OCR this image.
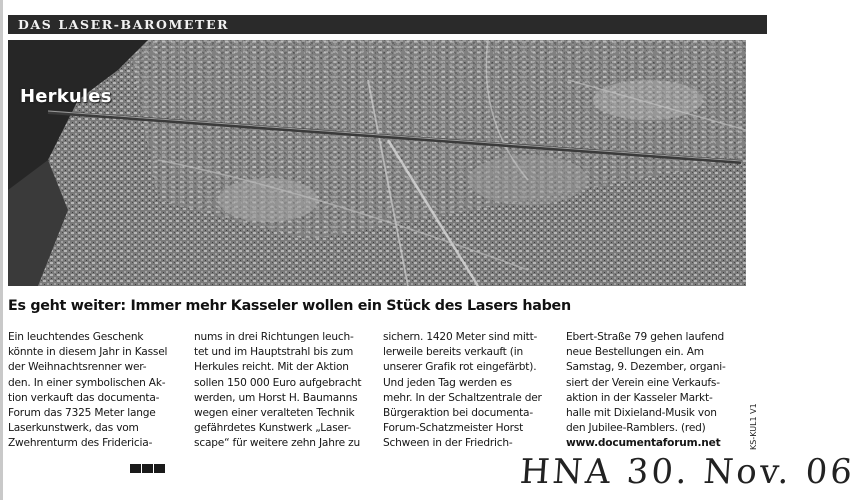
DAS LASER-BAROMETER
Herkules
Es geht weiter: Immer mehr Kasseler wollen ein Stück des Lasers haben
Ein leuchtendes Geschenk
könnte in diesem Jahr in Kassel
der Weihnachtsrenner wer-
den. In einer symbolischen Ak-
tion verkauft das documenta-
Forum das 7325 Meter lange
Laserkunstwerk, das vom
Zwehrenturm des Fridericia-
nums in drei Richtungen leuch-
tet und im Hauptstrahl bis zum
Herkules reicht. Mit der Aktion
sollen 150 000 Euro aufgebracht
werden, um Horst H. Baumanns
wegen einer veralteten Technik
gefährdetes Kunstwerk „Laser-
scape“ für weitere zehn Jahre zu
sichern. 1420 Meter sind mitt-
lerweile bereits verkauft (in
unserer Grafik rot eingefärbt).
Und jeden Tag werden es
mehr. In der Schaltzentrale der
Bürgeraktion bei documenta-
Forum-Schatzmeister Horst
Schween in der Friedrich-
Ebert-Straße 79 gehen laufend
neue Bestellungen ein. Am
Samstag, 9. Dezember, organi-
siert der Verein eine Verkaufs-
aktion in der Kasseler Markt-
halle mit Dixieland-Musik von
den Jubilee-Ramblers. (red)
www.documentaforum.net	KS-KUL1 V1
HNA 30. Nov. 06
